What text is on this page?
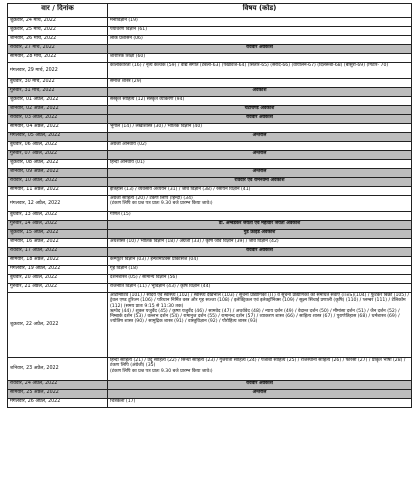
वार / दिनांक	विषय (कोड)
शुक्रवार, 24 मार्च, 2022	मनोविज्ञान (19)
शुक्रवार, 25 मार्च, 2022	पर्यावरण विज्ञान (61)
शनिवार, 26 मार्च, 2022	लोक प्रशासन (06)
रविवार, 27 मार्च, 2022	रविवार अवकाश
सोमवार, 28 मार्च, 2022	शारीरिक शिक्षा (60)
मंगलवार, 29 मार्च, 2022	कालाकारिता (16) / नृत्य कत्थक (59) / वाद्य संगीत (टेबला-63) (पखावज-64) (सितार-65) (सरोद-66) (वायलिन-67) (दिलरूबा-68) (बांसुरी-69) (गिटार- 70)
बुधवार, 30 मार्च, 2022	समाज शास्त्र (29)
गुरुवार, 31 मार्च, 2022	अवकाश
शुक्रवार, 01 अप्रैल, 2022	संस्कृत साहित्य (12) संस्कृत व्याकरण (94)
शनिवार, 02 अप्रैल, 2022	चेटीचण्ड अवकाश
रविवार, 03 अप्रैल, 2022	रविवार अवकाश
सोमवार, 04 अप्रैल, 2022	भूगोल (14) / लेखाशास्त्र (30) / भौतिक विज्ञान (40)
मंगलवार, 05 अप्रैल, 2022	अन्तराल
बुधवार, 06 अप्रैल, 2022	अंग्रेजी अनिवार्य (02)
गुरुवार, 07 अप्रैल, 2022	अन्तराल
शुक्रवार, 08 अप्रैल, 2022	हिन्दी अनिवार्य (01)
शनिवार, 09 अप्रैल, 2022	अन्तराल
रविवार, 10 अप्रैल, 2022	रविवार एवं रामनवमी अवकाश
सोमवार, 11 अप्रैल, 2022	इतिहास (13) / व्यवसाय अध्ययन (31) / जीव विज्ञान (38) / रसायन विज्ञान (41)
मंगलवार, 12 अप्रैल, 2022	अंग्रेजी साहित्य (20) / टंकण लिपि (हिन्दी) (34)
(टंकण लिपि का प्रश्न पत्र प्रातः 9.30 बजे प्रारम्भ किया जावे।)
बुधवार, 13 अप्रैल, 2022	गणित (15)
गुरुवार, 14 अप्रैल, 2022	डॉ. अम्बेडकर जयंती एवं महावीर जयंती अवकाश
शुक्रवार, 15 अप्रैल, 2022	गुड फ्राइडे अवकाश
शनिवार, 16 अप्रैल, 2022	अर्थशास्त्र (10) / भौतिक विज्ञान (18) / अंग्रेजी (33) / कृषि जीव विज्ञान (39) / जीव विज्ञान (42)
रविवार, 17 अप्रैल, 2022	रविवार अवकाश
सोमवार, 18 अप्रैल, 2022	कम्प्यूटर विज्ञान (03) / इन्फोर्मेटिक्स प्रेक्टिसेज (04)
मंगलवार, 19 अप्रैल, 2022	गृह विज्ञान (18)
बुधवार, 20 अप्रैल, 2022	दर्शनशास्त्र (05) / सामान्य विज्ञान (56)
गुरुवार, 21 अप्रैल, 2022	राजनीति विज्ञान (11) / भूविज्ञान (43) / कृषि विज्ञान (44)
शुक्रवार, 22 अप्रैल, 2022	ऑटोमोटिव (101) / सौंदर्य एवं स्वास्थ्य (102) / स्वास्थ्य देखभाल (103) / सूचना प्रौद्योगिकी (IT) व सूचना प्रौद्योगिकी की समर्थित सेवाएं (ITeS)(104) / फुटकर बिक्री (105) / ट्रेवल एण्ड टूरिज्म (106) / परिधान निर्मित वस्त्र और गृह सज्जा (108) / इलेक्ट्रिकल एवं इलेक्ट्रॉनिक्स (109) / सूक्ष्म सिंचाई प्रणाली (कृषि) (110) / प्लम्बर (111) / टेलिकॉम (112) (समय प्रातः 9:15 से 11:30 तक)
ऋग्वेद (44) / शुक्ल यजुर्वेद (45) / कृष्ण यजुर्वेद (46) / सामवेद (47) / अथर्ववेद (48) / न्याय दर्शन (49) / वेदान्त दर्शन (50) / मीमांसा दर्शन (51) / जैन दर्शन (52) / निम्बार्क दर्शन (53) / वल्लभ दर्शन (54) / रामानुज दर्शन (55) / रामानन्द दर्शन (57) / व्याकरण शास्त्र (66) / साहित्य शास्त्र (67) / पुराणेतिहास (68) / धर्मशास्त्र (69) / ज्योतिष शास्त्र (90) / सामुद्रिक शास्त्र (91) / वास्तुविज्ञान (92) / पौरोहित्य शास्त्र (93)
शनिवार, 23 अप्रैल, 2022	हिन्दी साहित्य (21) / उर्दू साहित्य (22) / सिन्धी साहित्य (23) / गुजराती साहित्य (24) / पंजाबी साहित्य (25) / राजस्थानी साहित्य (26) / फारसी (27) / प्राकृत भाषा (28) / टंकण लिपि (अंग्रेजी) (35)
(टंकण लिपि का प्रश्न पत्र प्रातः 9.30 बजे प्रारम्भ किया जावे।)
रविवार, 24 अप्रैल, 2022	रविवार अवकाश
सोमवार, 25 अप्रैल, 2022	अन्तराल
मंगलवार, 26 अप्रैल, 2022	चित्रकला (17)
